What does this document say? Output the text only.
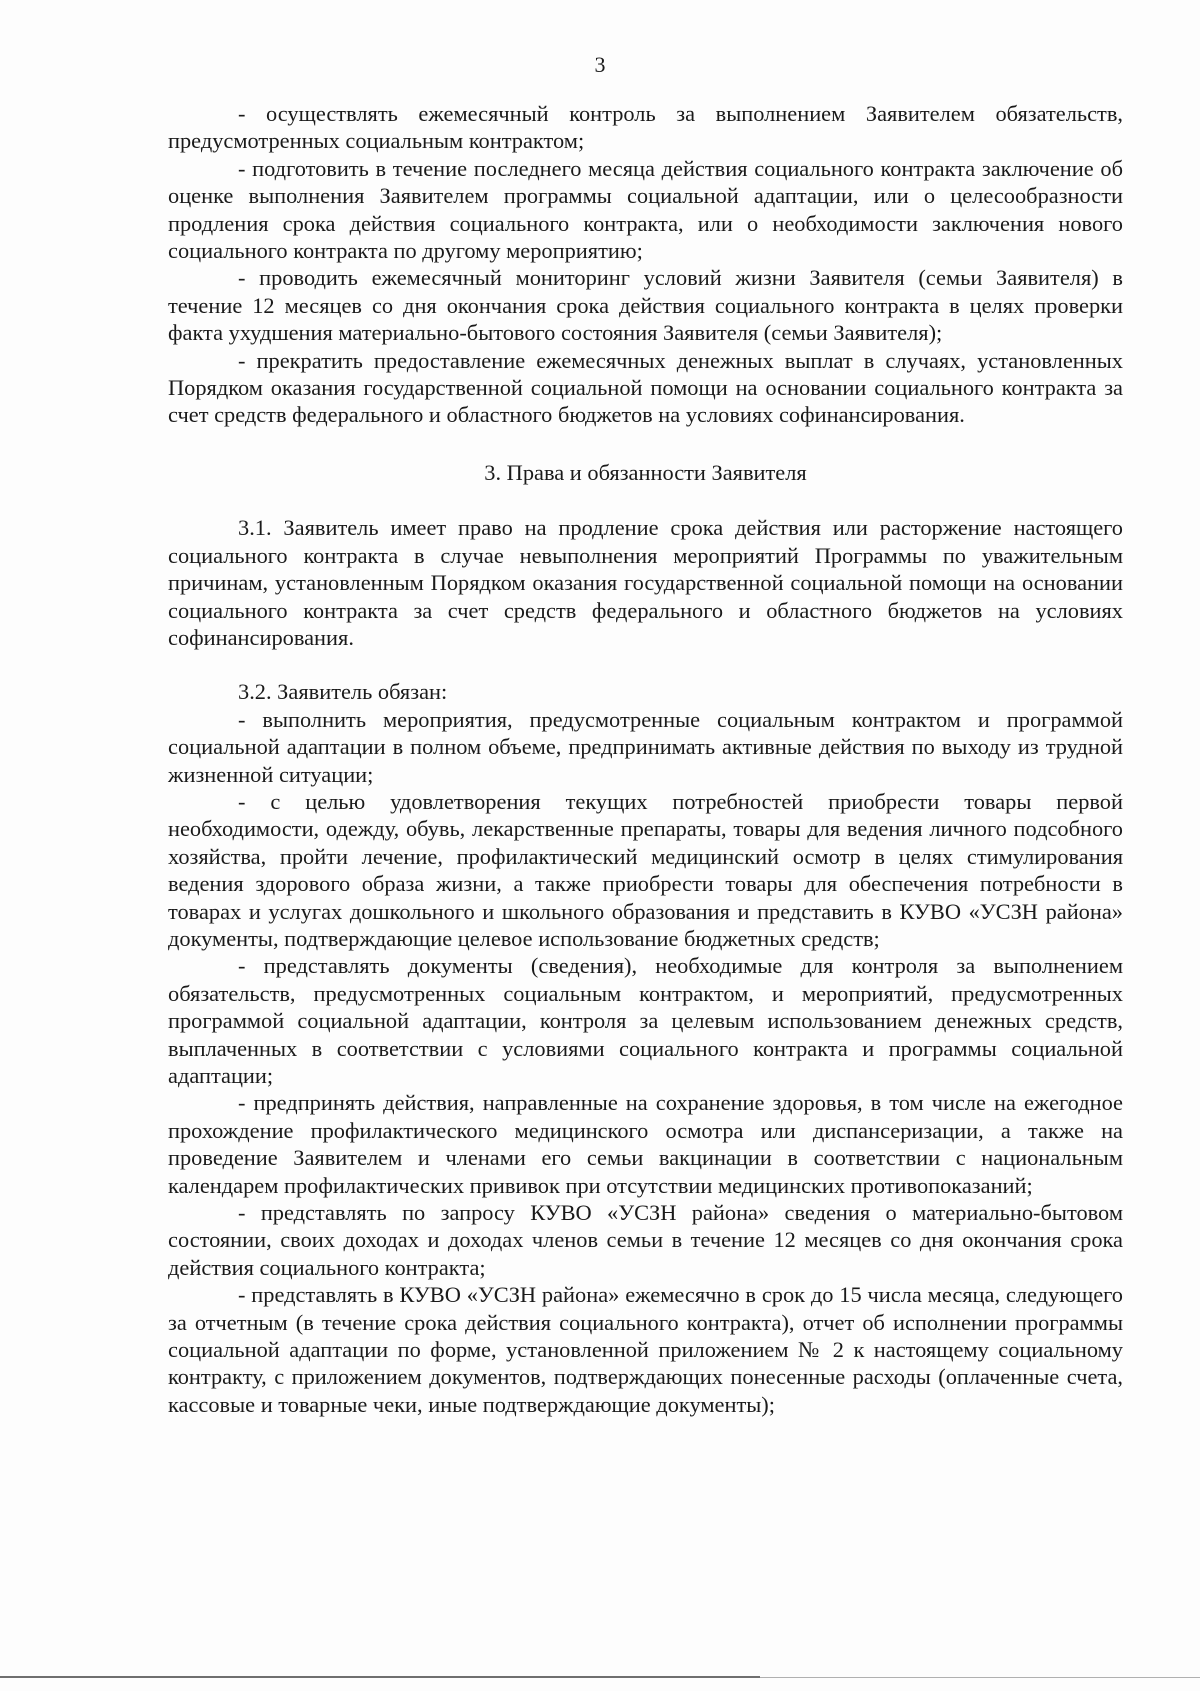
3

- осуществлять ежемесячный контроль за выполнением Заявителем обязательств, предусмотренных социальным контрактом;

- подготовить в течение последнего месяца действия социального контракта заключение об оценке выполнения Заявителем программы социальной адаптации, или о целесообразности продления срока действия социального контракта, или о необходимости заключения нового социального контракта по другому мероприятию;

- проводить ежемесячный мониторинг условий жизни Заявителя (семьи Заявителя) в течение 12 месяцев со дня окончания срока действия социального контракта в целях проверки факта ухудшения материально-бытового состояния Заявителя (семьи Заявителя);

- прекратить предоставление ежемесячных денежных выплат в случаях, установленных Порядком оказания государственной социальной помощи на основании социального контракта за счет средств федерального и областного бюджетов на условиях софинансирования.

3. Права и обязанности Заявителя

3.1. Заявитель имеет право на продление срока действия или расторжение настоящего социального контракта в случае невыполнения мероприятий Программы по уважительным причинам, установленным Порядком оказания государственной социальной помощи на основании социального контракта за счет средств федерального и областного бюджетов на условиях софинансирования.

3.2. Заявитель обязан:

- выполнить мероприятия, предусмотренные социальным контрактом и программой социальной адаптации в полном объеме, предпринимать активные действия по выходу из трудной жизненной ситуации;

- с целью удовлетворения текущих потребностей приобрести товары первой необходимости, одежду, обувь, лекарственные препараты, товары для ведения личного подсобного хозяйства, пройти лечение, профилактический медицинский осмотр в целях стимулирования ведения здорового образа жизни, а также приобрести товары для обеспечения потребности в товарах и услугах дошкольного и школьного образования и представить в КУВО «УСЗН района» документы, подтверждающие целевое использование бюджетных средств;

- представлять документы (сведения), необходимые для контроля за выполнением обязательств, предусмотренных социальным контрактом, и мероприятий, предусмотренных программой социальной адаптации, контроля за целевым использованием денежных средств, выплаченных в соответствии с условиями социального контракта и программы социальной адаптации;

- предпринять действия, направленные на сохранение здоровья, в том числе на ежегодное прохождение профилактического медицинского осмотра или диспансеризации, а также на проведение Заявителем и членами его семьи вакцинации в соответствии с национальным календарем профилактических прививок при отсутствии медицинских противопоказаний;

- представлять по запросу КУВО «УСЗН района» сведения о материально-бытовом состоянии, своих доходах и доходах членов семьи в течение 12 месяцев со дня окончания срока действия социального контракта;

- представлять в КУВО «УСЗН района» ежемесячно в срок до 15 числа месяца, следующего за отчетным (в течение срока действия социального контракта), отчет об исполнении программы социальной адаптации по форме, установленной приложением № 2 к настоящему социальному контракту, с приложением документов, подтверждающих понесенные расходы (оплаченные счета, кассовые и товарные чеки, иные подтверждающие документы);
